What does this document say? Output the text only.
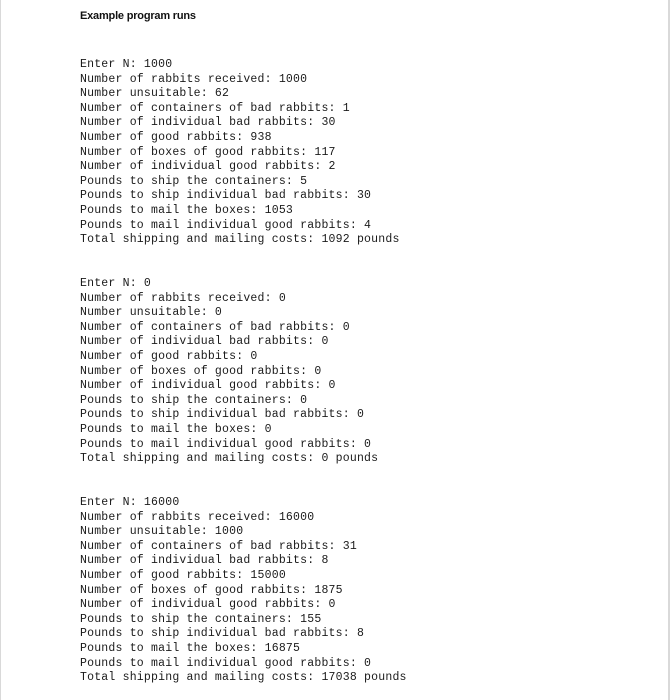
Example program runs
Enter N: 1000
Number of rabbits received: 1000
Number unsuitable: 62
Number of containers of bad rabbits: 1
Number of individual bad rabbits: 30
Number of good rabbits: 938
Number of boxes of good rabbits: 117
Number of individual good rabbits: 2
Pounds to ship the containers: 5
Pounds to ship individual bad rabbits: 30
Pounds to mail the boxes: 1053
Pounds to mail individual good rabbits: 4
Total shipping and mailing costs: 1092 pounds
Enter N: 0
Number of rabbits received: 0
Number unsuitable: 0
Number of containers of bad rabbits: 0
Number of individual bad rabbits: 0
Number of good rabbits: 0
Number of boxes of good rabbits: 0
Number of individual good rabbits: 0
Pounds to ship the containers: 0
Pounds to ship individual bad rabbits: 0
Pounds to mail the boxes: 0
Pounds to mail individual good rabbits: 0
Total shipping and mailing costs: 0 pounds
Enter N: 16000
Number of rabbits received: 16000
Number unsuitable: 1000
Number of containers of bad rabbits: 31
Number of individual bad rabbits: 8
Number of good rabbits: 15000
Number of boxes of good rabbits: 1875
Number of individual good rabbits: 0
Pounds to ship the containers: 155
Pounds to ship individual bad rabbits: 8
Pounds to mail the boxes: 16875
Pounds to mail individual good rabbits: 0
Total shipping and mailing costs: 17038 pounds
